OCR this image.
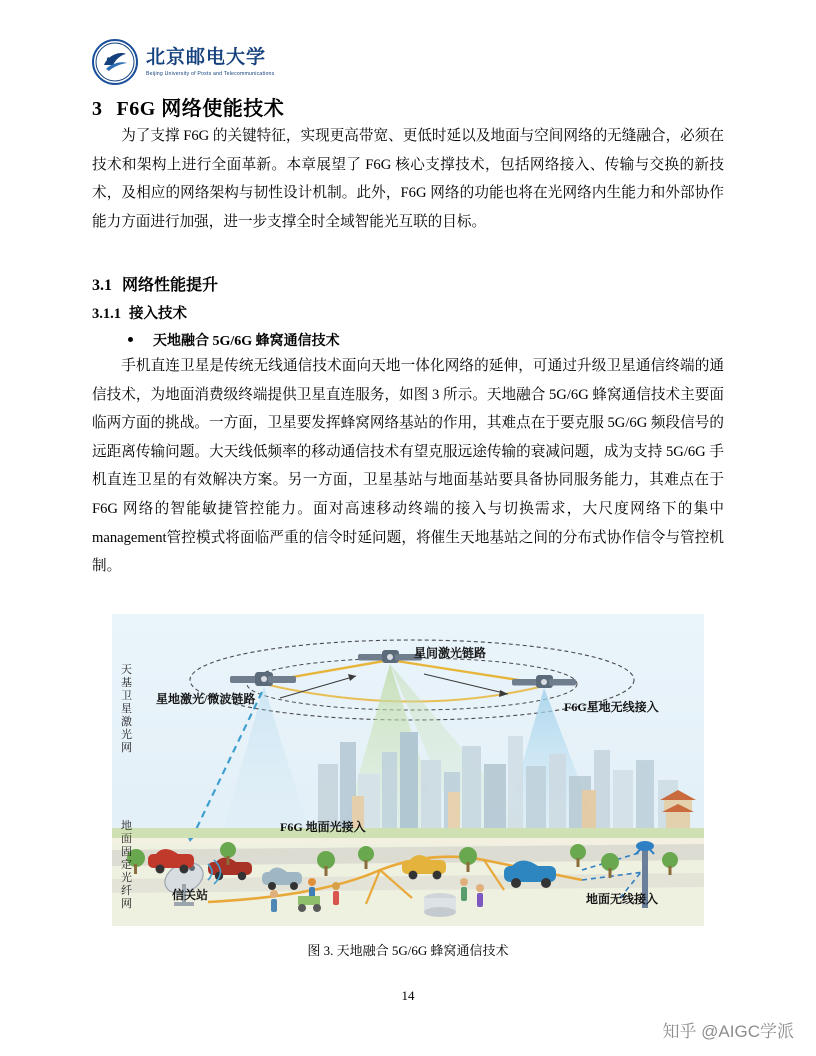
北京邮电大学
Beijing University of Posts and Telecommunications
3 F6G 网络使能技术
为了支撑 F6G 的关键特征，实现更高带宽、更低时延以及地面与空间网络的无缝融合，必须在技术和架构上进行全面革新。本章展望了 F6G 核心支撑技术，包括网络接入、传输与交换的新技术，及相应的网络架构与韧性设计机制。此外，F6G 网络的功能也将在光网络内生能力和外部协作能力方面进行加强，进一步支撑全时全域智能光互联的目标。
3.1 网络性能提升
3.1.1 接入技术
天地融合 5G/6G 蜂窝通信技术
手机直连卫星是传统无线通信技术面向天地一体化网络的延伸，可通过升级卫星通信终端的通信技术，为地面消费级终端提供卫星直连服务，如图 3 所示。天地融合 5G/6G 蜂窝通信技术主要面临两方面的挑战。一方面，卫星要发挥蜂窝网络基站的作用，其难点在于要克服 5G/6G 频段信号的远距离传输问题。大天线低频率的移动通信技术有望克服远途传输的衰减问题，成为支持 5G/6G 手机直连卫星的有效解决方案。另一方面，卫星基站与地面基站要具备协同服务能力，其难点在于 F6G 网络的智能敏捷管控能力。面对高速移动终端的接入与切换需求，大尺度网络下的集中management管控模式将面临严重的信令时延问题，将催生天地基站之间的分布式协作信令与管控机制。
天基卫星激光网
地面固定光纤网
星间激光链路
星地激光/微波链路
F6G星地无线接入
F6G 地面光接入
信关站	地面无线接入
图 3. 天地融合 5G/6G 蜂窝通信技术
14
知乎 @AIGC学派
